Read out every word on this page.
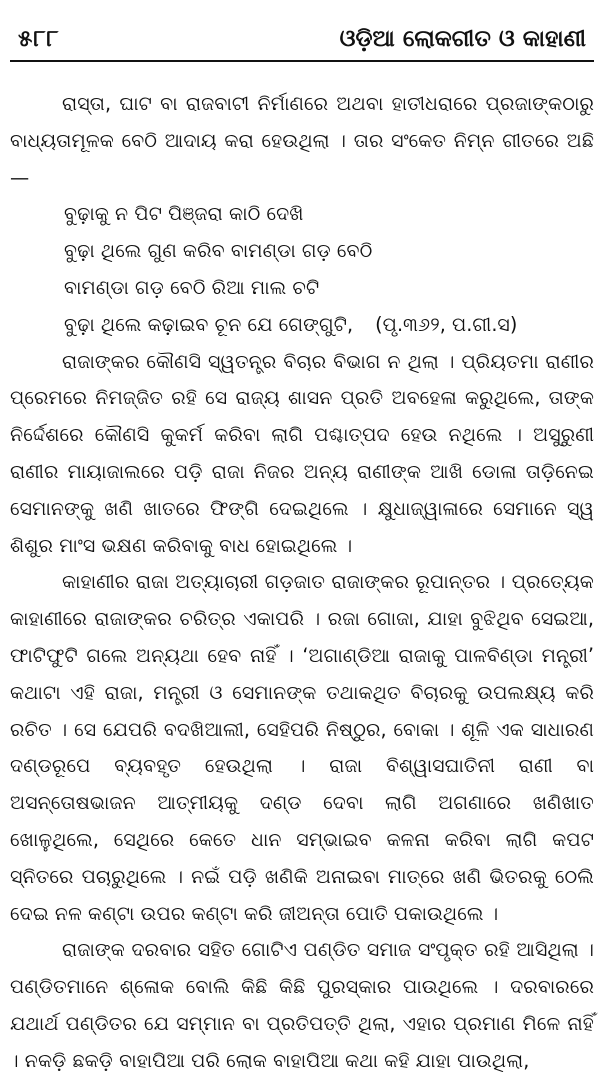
୫୮୮	ଓଡ଼ିଆ ଲୋକଗୀତ ଓ କାହାଣୀ

ରାସ୍ତା, ଘାଟ ବା ରାଜବାଟୀ ନିର୍ମାଣରେ ଅଥବା ହାତୀଧରାରେ ପ୍ରଜାଙ୍କଠାରୁ ବାଧ୍ୟତାମୂଳକ ବେଠି ଆଦାୟ କରା ହେଉଥିଲା । ତାର ସଂକେତ ନିମ୍ନ ଗୀତରେ ଅଛି—

ବୁଢ଼ାକୁ ନ ପିଟ ପିଞ୍ଜରା କାଠି ଦେଖି
ବୁଢ଼ା ଥିଲେ ଗୁଣ କରିବ ବାମଣ୍ଡା ଗଡ଼ ବେଠି
ବାମଣ୍ଡା ଗଡ଼ ବେଠି ରିଆ ମାଲ ଚଟି
ବୁଢ଼ା ଥିଲେ କଢ଼ାଇବ ଚୂନ ଯେ ଗେଙ୍ଗୁଟି, (ପୃ.୩୬୨, ପ.ଗୀ.ସ)

ରାଜାଙ୍କର କୌଣସି ସ୍ୱତନ୍ତ୍ର ବିଚାର ବିଭାଗ ନ ଥିଲା । ପ୍ରିୟତମା ରାଣୀର ପ୍ରେମରେ ନିମଜ୍ଜିତ ରହି ସେ ରାଜ୍ୟ ଶାସନ ପ୍ରତି ଅବହେଳା କରୁଥିଲେ, ତାଙ୍କ ନିର୍ଦ୍ଦେଶରେ କୌଣସି କୁକର୍ମ କରିବା ଲାଗି ପଶ୍ଚାତ୍‌ପଦ ହେଉ ନଥିଲେ । ଅସୁରୁଣୀ ରାଣୀର ମାୟାଜାଲରେ ପଡ଼ି ରାଜା ନିଜର ଅନ୍ୟ ରାଣୀଙ୍କ ଆଖି ଡୋଳା ତାଡ଼ିନେଇ ସେମାନଙ୍କୁ ଖଣି ଖାତରେ ଫିଙ୍ଗି ଦେଇଥିଲେ । କ୍ଷୁଧାଜ୍ୱାଳାରେ ସେମାନେ ସ୍ୱ ଶିଶୁର ମାଂସ ଭକ୍ଷଣ କରିବାକୁ ବାଧ ହୋଇଥିଲେ ।

କାହାଣୀର ରାଜା ଅତ୍ୟାଚାରୀ ଗଡ଼ଜାତ ରାଜାଙ୍କର ରୂପାନ୍ତର । ପ୍ରତ୍ୟେକ କାହାଣୀରେ ରାଜାଙ୍କର ଚରିତ୍ର ଏକାପରି । ରଜା ଗୋଜା, ଯାହା ବୁଝିଥିବ ସେଇଆ, ଫାଟିଫୁଟି ଗଲେ ଅନ୍ୟଥା ହେବ ନାହିଁ । ‘ଅଗାଣ୍ଡିଆ ରାଜାକୁ ପାଳବିଣ୍ଡା ମନ୍ତ୍ରୀ’ କଥାଟା ଏହି ରାଜା, ମନ୍ତ୍ରୀ ଓ ସେମାନଙ୍କ ତଥାକଥିତ ବିଚାରକୁ ଉପଲକ୍ଷ୍ୟ କରି ରଚିତ । ସେ ଯେପରି ବଦଖିଆଲୀ, ସେହିପରି ନିଷ୍ଠୁର, ବୋକା । ଶୂଳି ଏକ ସାଧାରଣ ଦଣ୍ଡରୂପେ ବ୍ୟବହୃତ ହେଉଥିଲା । ରାଜା ବିଶ୍ୱାସଘାତିନୀ ରାଣୀ ବା ଅସନ୍ତୋଷଭାଜନ ଆତ୍ମୀୟକୁ ଦଣ୍ଡ ଦେବା ଲାଗି ଅଗଣାରେ ଖଣିଖାତ ଖୋଳୁଥିଲେ, ସେଥିରେ କେତେ ଧାନ ସମ୍ଭାଇବ କଳନା କରିବା ଲାଗି କପଟ ସ୍ନିତରେ ପଚାରୁଥିଲେ । ନଇଁ ପଡ଼ି ଖଣିକି ଅନାଇବା ମାତ୍ରେ ଖଣି ଭିତରକୁ ଠେଲି ଦେଇ ନଳ କଣ୍ଟା ଉପର କଣ୍ଟା କରି ଜୀଅନ୍ତା ପୋତି ପକାଉଥିଲେ ।

ରାଜାଙ୍କ ଦରବାର ସହିତ ଗୋଟିଏ ପଣ୍ଡିତ ସମାଜ ସଂପୃକ୍ତ ରହି ଆସିଥିଲା । ପଣ୍ଡିତମାନେ ଶ୍ଳୋକ ବୋଲି କିଛି କିଛି ପୁରସ୍କାର ପାଉଥିଲେ । ଦରବାରରେ ଯଥାର୍ଥ ପଣ୍ଡିତର ଯେ ସମ୍ମାନ ବା ପ୍ରତିପତ୍ତି ଥିଲା, ଏହାର ପ୍ରମାଣ ମିଳେ ନାହିଁ । ନକଡ଼ି ଛକଡ଼ି ବାହାପିଆ ପରି ଲୋକ ବାହାପିଆ କଥା କହି ଯାହା ପାଉଥିଲା,
